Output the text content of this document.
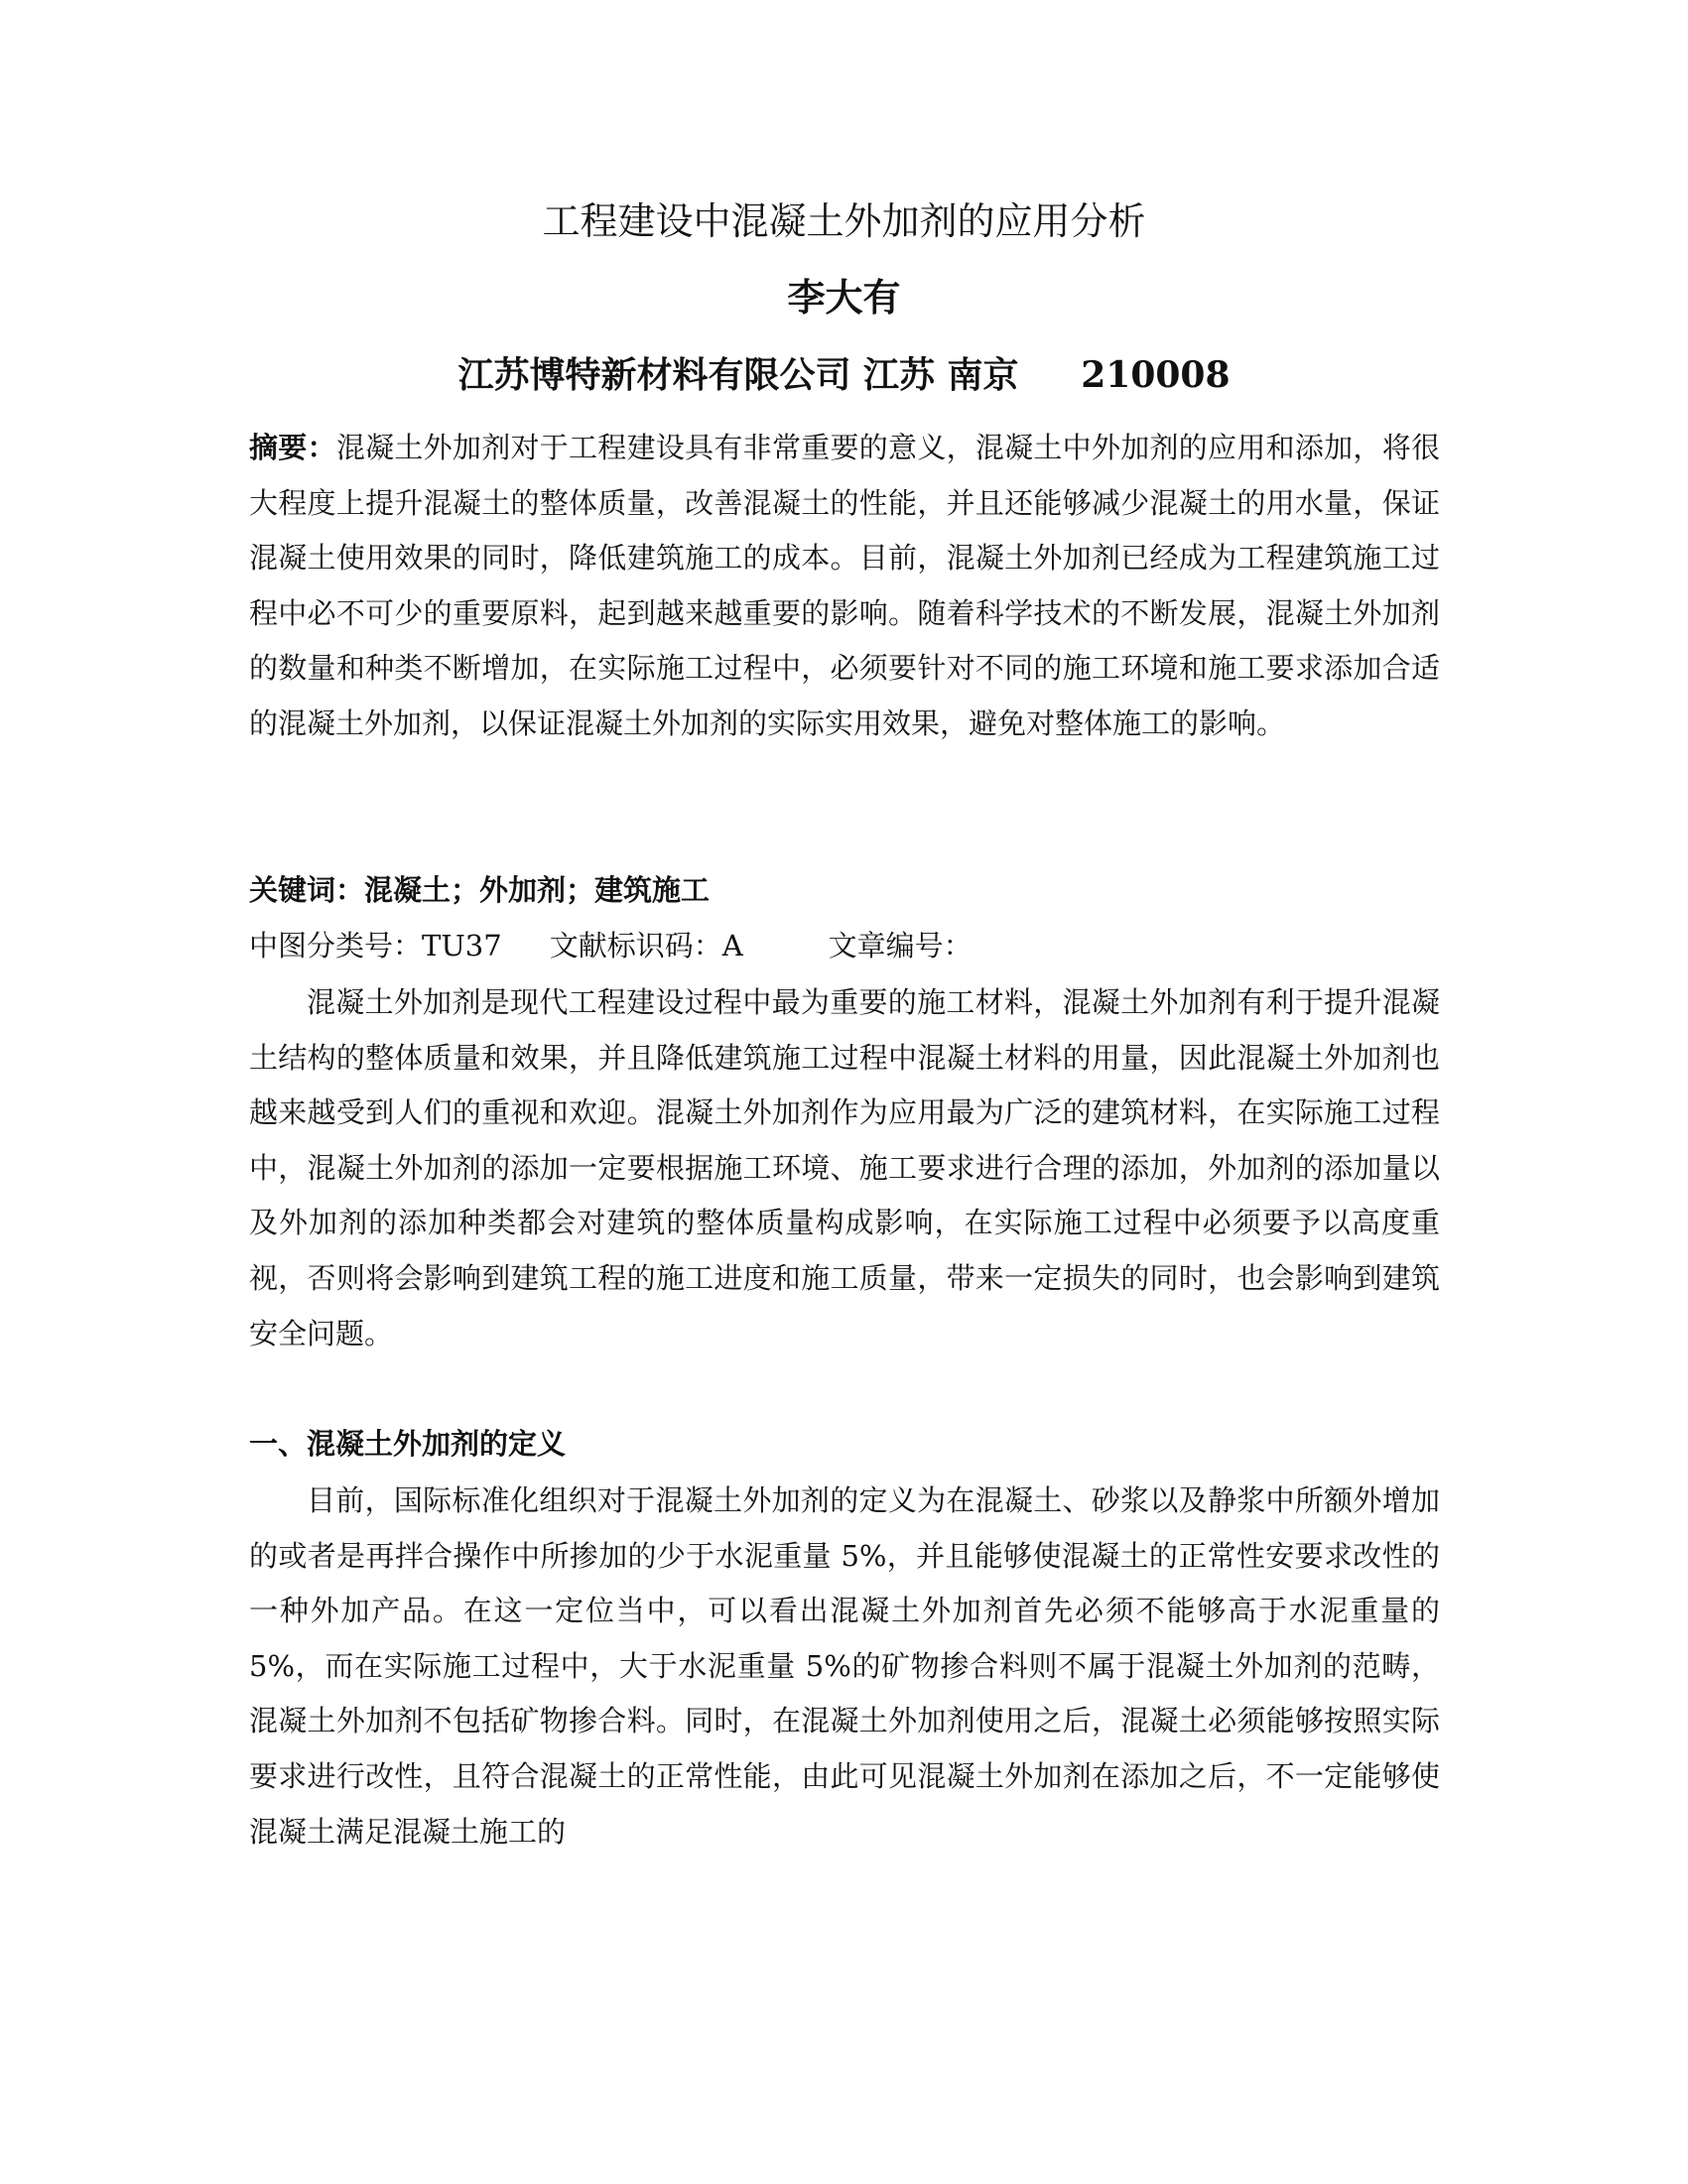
工程建设中混凝土外加剂的应用分析
李大有
江苏博特新材料有限公司 江苏 南京     210008
摘要：混凝土外加剂对于工程建设具有非常重要的意义，混凝土中外加剂的应用和添加，将很大程度上提升混凝土的整体质量，改善混凝土的性能，并且还能够减少混凝土的用水量，保证混凝土使用效果的同时，降低建筑施工的成本。目前，混凝土外加剂已经成为工程建筑施工过程中必不可少的重要原料，起到越来越重要的影响。随着科学技术的不断发展，混凝土外加剂的数量和种类不断增加，在实际施工过程中，必须要针对不同的施工环境和施工要求添加合适的混凝土外加剂，以保证混凝土外加剂的实际实用效果，避免对整体施工的影响。
关键词：混凝土；外加剂；建筑施工
中图分类号：TU37 文献标识码：A	文章编号：
混凝土外加剂是现代工程建设过程中最为重要的施工材料，混凝土外加剂有利于提升混凝土结构的整体质量和效果，并且降低建筑施工过程中混凝土材料的用量，因此混凝土外加剂也越来越受到人们的重视和欢迎。混凝土外加剂作为应用最为广泛的建筑材料，在实际施工过程中，混凝土外加剂的添加一定要根据施工环境、施工要求进行合理的添加，外加剂的添加量以及外加剂的添加种类都会对建筑的整体质量构成影响，在实际施工过程中必须要予以高度重视，否则将会影响到建筑工程的施工进度和施工质量，带来一定损失的同时，也会影响到建筑安全问题。
一、混凝土外加剂的定义
目前，国际标准化组织对于混凝土外加剂的定义为在混凝土、砂浆以及静浆中所额外增加的或者是再拌合操作中所掺加的少于水泥重量 5%，并且能够使混凝土的正常性安要求改性的一种外加产品。在这一定位当中，可以看出混凝土外加剂首先必须不能够高于水泥重量的 5%，而在实际施工过程中，大于水泥重量 5%的矿物掺合料则不属于混凝土外加剂的范畴，混凝土外加剂不包括矿物掺合料。同时，在混凝土外加剂使用之后，混凝土必须能够按照实际要求进行改性，且符合混凝土的正常性能，由此可见混凝土外加剂在添加之后，不一定能够使混凝土满足混凝土施工的
